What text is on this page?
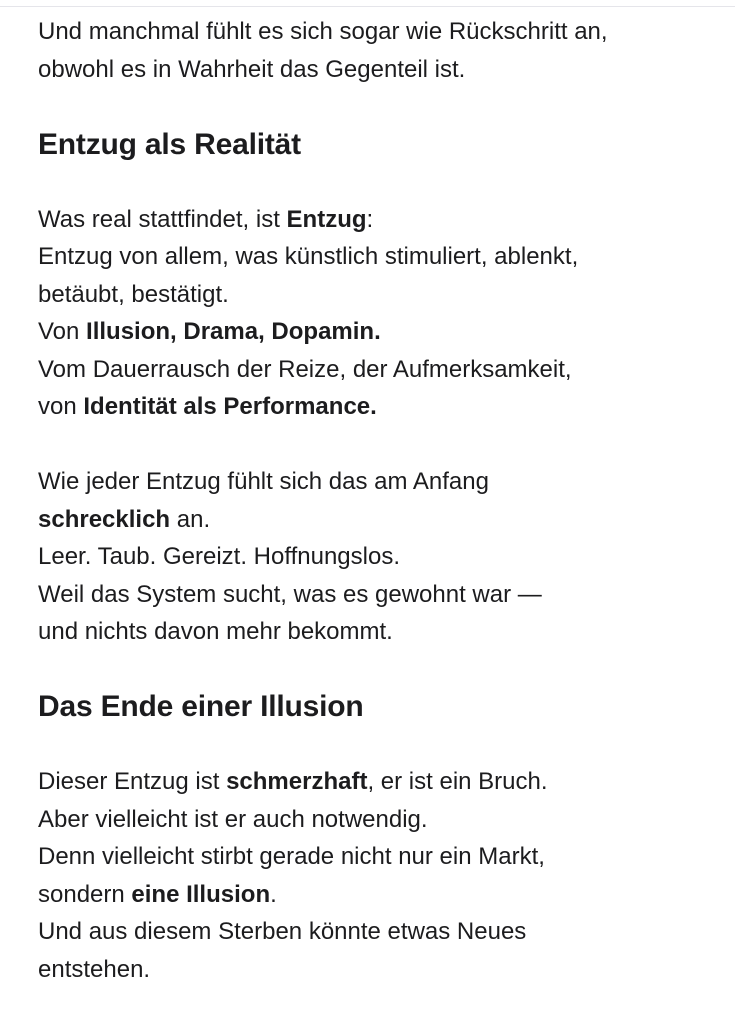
Und manchmal fühlt es sich sogar wie Rückschritt an,
obwohl es in Wahrheit das Gegenteil ist.
Entzug als Realität
Was real stattfindet, ist Entzug:
Entzug von allem, was künstlich stimuliert, ablenkt,
betäubt, bestätigt.
Von Illusion, Drama, Dopamin.
Vom Dauerrausch der Reize, der Aufmerksamkeit,
von Identität als Performance.
Wie jeder Entzug fühlt sich das am Anfang
schrecklich an.
Leer. Taub. Gereizt. Hoffnungslos.
Weil das System sucht, was es gewohnt war —
und nichts davon mehr bekommt.
Das Ende einer Illusion
Dieser Entzug ist schmerzhaft, er ist ein Bruch.
Aber vielleicht ist er auch notwendig.
Denn vielleicht stirbt gerade nicht nur ein Markt,
sondern eine Illusion.
Und aus diesem Sterben könnte etwas Neues
entstehen.
